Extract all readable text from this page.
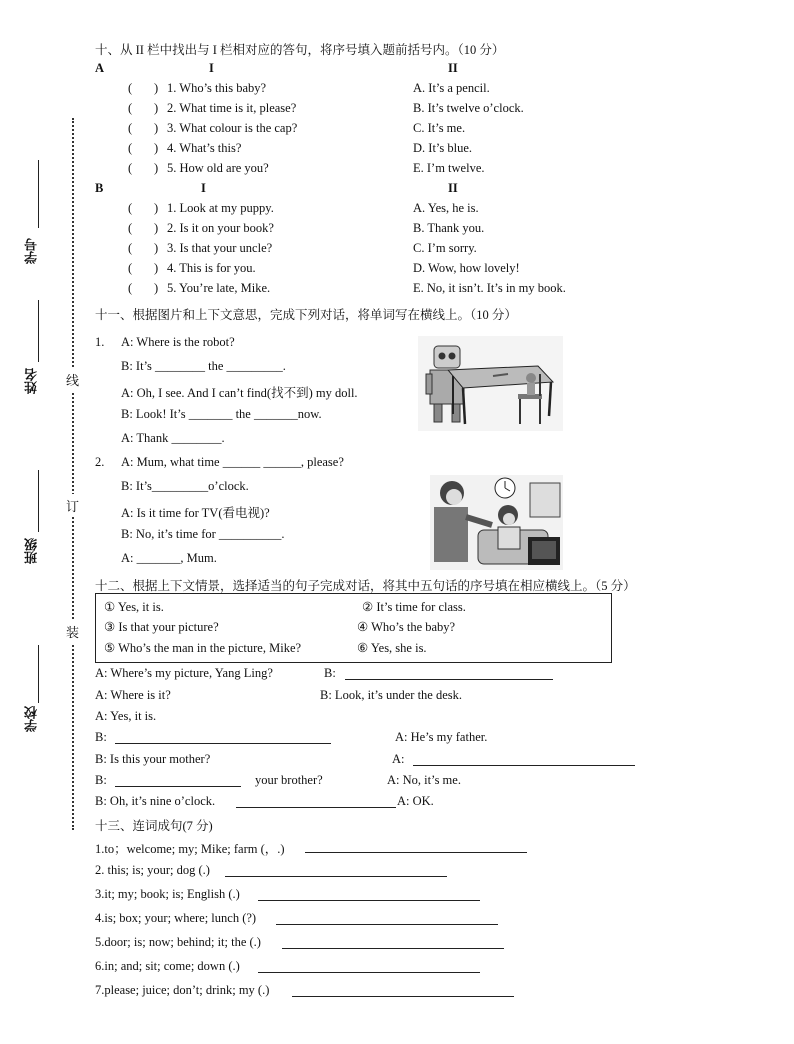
线
订
装
学号
姓名
班级
学校
十、从 II 栏中找出与 I 栏相对应的答句，将序号填入题前括号内。（10 分）
A	I	II
(       ) 1. Who’s this baby?	A. It’s a pencil.
(       ) 2. What time is it, please?	B. It’s twelve o’clock.
(       ) 3. What colour is the cap?	C. It’s me.
(       ) 4. What’s this?	D. It’s blue.
(       ) 5. How old are you?	E. I’m twelve.
B	I	II
(       ) 1. Look at my puppy.	A. Yes, he is.
(       ) 2. Is it on your book?	B. Thank you.
(       ) 3. Is that your uncle?	C. I’m sorry.
(       ) 4. This is for you.	D. Wow, how lovely!
(       ) 5. You’re late, Mike.	E. No, it isn’t. It’s in my book.
十一、根据图片和上下文意思，完成下列对话，将单词写在横线上。（10 分）
1. A: Where is the robot?
B: It’s ________ the _________.
A: Oh, I see. And I can’t find(找不到) my doll.
B: Look! It’s _______ the _______now.
A: Thank ________.
2. A: Mum, what time ______ ______, please?
B: It’s_________o’clock.
A: Is it time for TV(看电视)?
B: No, it’s time for __________.
A: _______, Mum.
十二、根据上下文情景，选择适当的句子完成对话，将其中五句话的序号填在相应横线上。（5 分）
① Yes, it is.	② It’s time for class.
③ Is that your picture?	④ Who’s the baby?
⑤ Who’s the man in the picture, Mike?	⑥ Yes, she is.
A: Where’s my picture, Yang Ling?	B:
A: Where is it?	B: Look, it’s under the desk.
A: Yes, it is.
B:	A: He’s my father.
B: Is this your mother?	A:
B:	your brother?	A: No, it’s me.
B: Oh, it’s nine o’clock.	A: OK.
十三、连词成句(7 分)
1.to；welcome; my; Mike; farm (，.)
2. this; is; your; dog (.)
3.it; my; book; is; English (.)
4.is; box; your; where; lunch (?)
5.door; is; now; behind; it; the (.)
6.in; and; sit; come; down (.)
7.please; juice; don’t; drink; my (.)
